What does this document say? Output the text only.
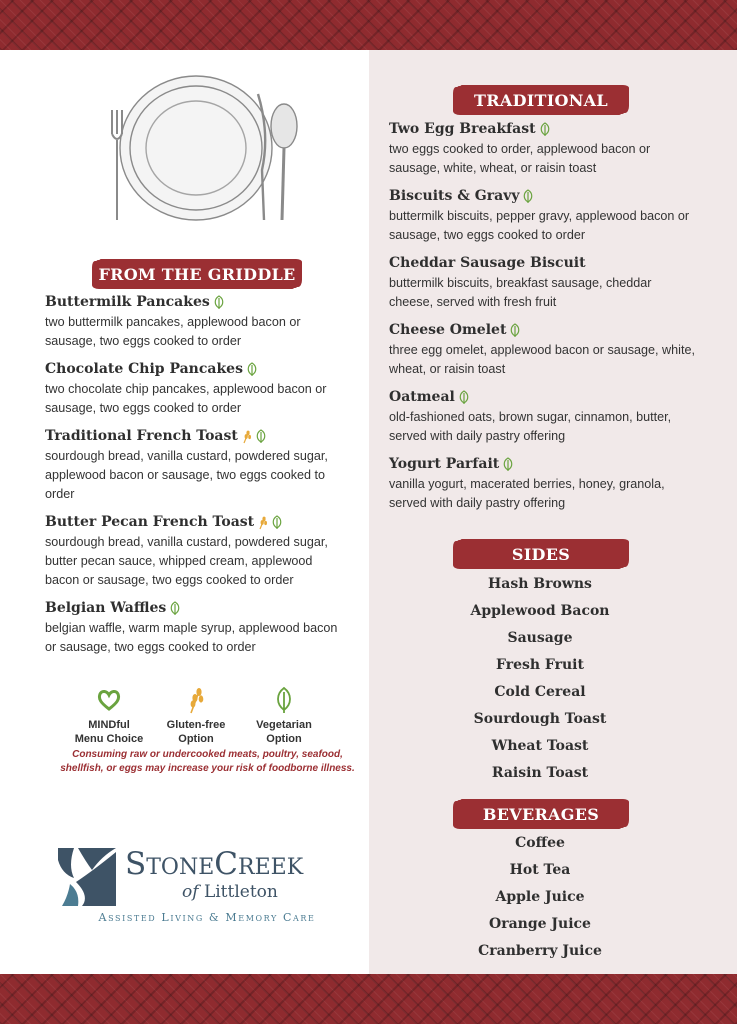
FROM THE GRIDDLE
Buttermilk Pancakes
two buttermilk pancakes, applewood bacon or sausage, two eggs cooked to order
Chocolate Chip Pancakes
two chocolate chip pancakes, applewood bacon or sausage, two eggs cooked to order
Traditional French Toast
sourdough bread, vanilla custard, powdered sugar, applewood bacon or sausage, two eggs cooked to order
Butter Pecan French Toast
sourdough bread, vanilla custard, powdered sugar, butter pecan sauce, whipped cream, applewood bacon or sausage, two eggs cooked to order
Belgian Waffles
belgian waffle, warm maple syrup, applewood bacon or sausage, two eggs cooked to order
MINDful
Menu Choice
Gluten-free
Option
Vegetarian
Option
Consuming raw or undercooked meats, poultry, seafood,
shellfish, or eggs may increase your risk of foodborne illness.
STONECREEK
of Littleton
Assisted Living & Memory Care
TRADITIONAL
Two Egg Breakfast
two eggs cooked to order, applewood bacon or sausage, white, wheat, or raisin toast
Biscuits & Gravy
buttermilk biscuits, pepper gravy, applewood bacon or sausage, two eggs cooked to order
Cheddar Sausage Biscuit
buttermilk biscuits, breakfast sausage, cheddar cheese, served with fresh fruit
Cheese Omelet
three egg omelet, applewood bacon or sausage, white, wheat, or raisin toast
Oatmeal
old-fashioned oats, brown sugar, cinnamon, butter, served with daily pastry offering
Yogurt Parfait
vanilla yogurt, macerated berries, honey, granola, served with daily pastry offering
SIDES
Hash Browns
Applewood Bacon
Sausage
Fresh Fruit
Cold Cereal
Sourdough Toast
Wheat Toast
Raisin Toast
BEVERAGES
Coffee
Hot Tea
Apple Juice
Orange Juice
Cranberry Juice
